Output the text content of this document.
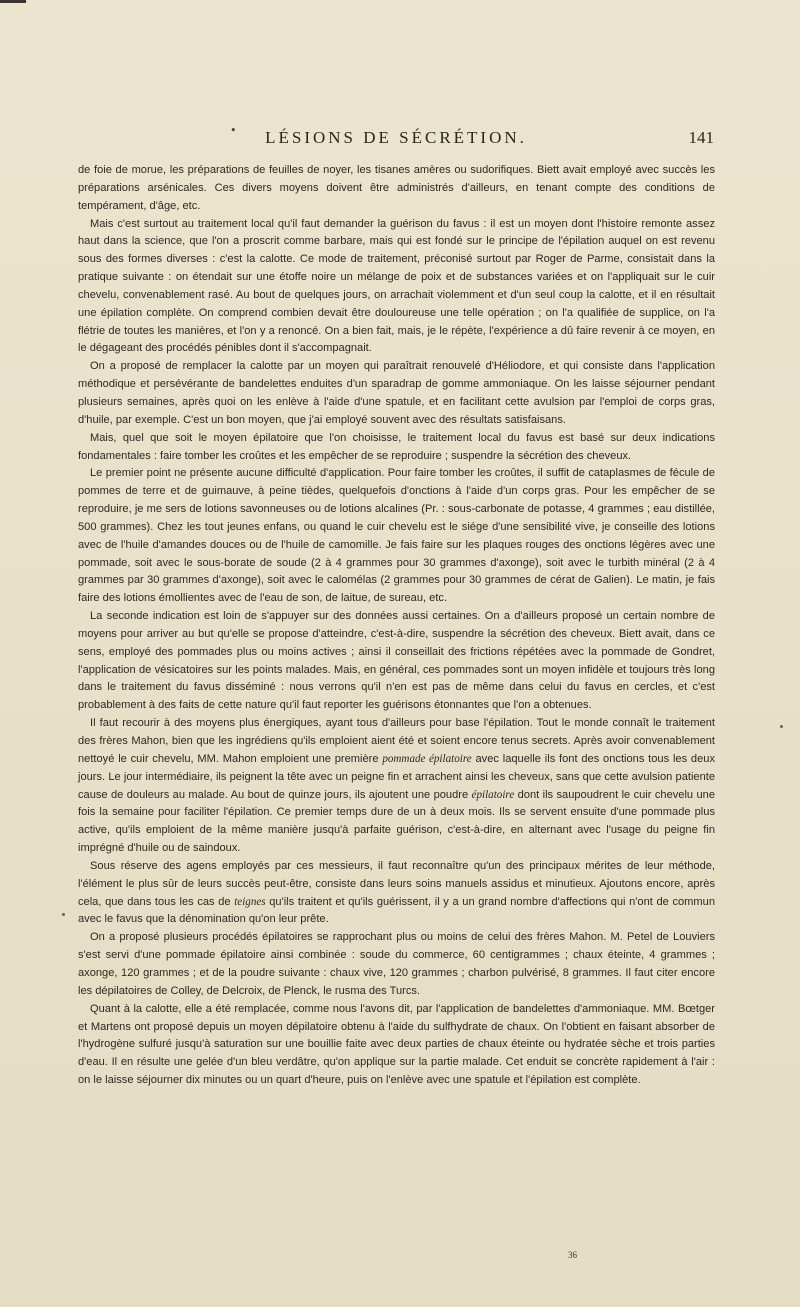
•	LÉSIONS DE SÉCRÉTION.	141

de foie de morue, les préparations de feuilles de noyer, les tisanes amères ou sudorifiques. Biett avait employé avec succès les préparations arsénicales. Ces divers moyens doivent être administrés d'ailleurs, en tenant compte des conditions de tempérament, d'âge, etc.

Mais c'est surtout au traitement local qu'il faut demander la guérison du favus : il est un moyen dont l'histoire remonte assez haut dans la science, que l'on a proscrit comme barbare, mais qui est fondé sur le principe de l'épilation auquel on est revenu sous des formes diverses : c'est la calotte. Ce mode de traitement, préconisé surtout par Roger de Parme, consistait dans la pratique suivante : on étendait sur une étoffe noire un mélange de poix et de substances variées et on l'appliquait sur le cuir chevelu, convenablement rasé. Au bout de quelques jours, on arrachait violemment et d'un seul coup la calotte, et il en résultait une épilation complète. On comprend combien devait être douloureuse une telle opération ; on l'a qualifiée de supplice, on l'a flétrie de toutes les manières, et l'on y a renoncé. On a bien fait, mais, je le répète, l'expérience a dû faire revenir à ce moyen, en le dégageant des procédés pénibles dont il s'accompagnait.

On a proposé de remplacer la calotte par un moyen qui paraîtrait renouvelé d'Héliodore, et qui consiste dans l'application méthodique et persévérante de bandelettes enduites d'un sparadrap de gomme ammoniaque. On les laisse séjourner pendant plusieurs semaines, après quoi on les enlève à l'aide d'une spatule, et en facilitant cette avulsion par l'emploi de corps gras, d'huile, par exemple. C'est un bon moyen, que j'ai employé souvent avec des résultats satisfaisans.

Mais, quel que soit le moyen épilatoire que l'on choisisse, le traitement local du favus est basé sur deux indications fondamentales : faire tomber les croûtes et les empêcher de se reproduire ; suspendre la sécrétion des cheveux.

Le premier point ne présente aucune difficulté d'application. Pour faire tomber les croûtes, il suffit de cataplasmes de fécule de pommes de terre et de guimauve, à peine tièdes, quelquefois d'onctions à l'aide d'un corps gras. Pour les empêcher de se reproduire, je me sers de lotions savonneuses ou de lotions alcalines (Pr. : sous-carbonate de potasse, 4 grammes ; eau distillée, 500 grammes). Chez les tout jeunes enfans, ou quand le cuir chevelu est le siége d'une sensibilité vive, je conseille des lotions avec de l'huile d'amandes douces ou de l'huile de camomille. Je fais faire sur les plaques rouges des onctions légères avec une pommade, soit avec le sous-borate de soude (2 à 4 grammes pour 30 grammes d'axonge), soit avec le turbith minéral (2 à 4 grammes par 30 grammes d'axonge), soit avec le calomélas (2 grammes pour 30 grammes de cérat de Galien). Le matin, je fais faire des lotions émollientes avec de l'eau de son, de laitue, de sureau, etc.

La seconde indication est loin de s'appuyer sur des données aussi certaines. On a d'ailleurs proposé un certain nombre de moyens pour arriver au but qu'elle se propose d'atteindre, c'est-à-dire, suspendre la sécrétion des cheveux. Biett avait, dans ce sens, employé des pommades plus ou moins actives ; ainsi il conseillait des frictions répétées avec la pommade de Gondret, l'application de vésicatoires sur les points malades. Mais, en général, ces pommades sont un moyen infidèle et toujours très long dans le traitement du favus disséminé : nous verrons qu'il n'en est pas de même dans celui du favus en cercles, et c'est probablement à des faits de cette nature qu'il faut reporter les guérisons étonnantes que l'on a obtenues.

Il faut recourir à des moyens plus énergiques, ayant tous d'ailleurs pour base l'épilation. Tout le monde connaît le traitement des frères Mahon, bien que les ingrédiens qu'ils emploient aient été et soient encore tenus secrets. Après avoir convenablement nettoyé le cuir chevelu, MM. Mahon emploient une première pommade épilatoire avec laquelle ils font des onctions tous les deux jours. Le jour intermédiaire, ils peignent la tête avec un peigne fin et arrachent ainsi les cheveux, sans que cette avulsion patiente cause de douleurs au malade. Au bout de quinze jours, ils ajoutent une poudre épilatoire dont ils saupoudrent le cuir chevelu une fois la semaine pour faciliter l'épilation. Ce premier temps dure de un à deux mois. Ils se servent ensuite d'une pommade plus active, qu'ils emploient de la même manière jusqu'à parfaite guérison, c'est-à-dire, en alternant avec l'usage du peigne fin imprégné d'huile ou de saindoux.

Sous réserve des agens employés par ces messieurs, il faut reconnaître qu'un des principaux mérites de leur méthode, l'élément le plus sûr de leurs succès peut-être, consiste dans leurs soins manuels assidus et minutieux. Ajoutons encore, après cela, que dans tous les cas de teignes qu'ils traitent et qu'ils guérissent, il y a un grand nombre d'affections qui n'ont de commun avec le favus que la dénomination qu'on leur prête.

On a proposé plusieurs procédés épilatoires se rapprochant plus ou moins de celui des frères Mahon. M. Petel de Louviers s'est servi d'une pommade épilatoire ainsi combinée : soude du commerce, 60 centigrammes ; chaux éteinte, 4 grammes ; axonge, 120 grammes ; et de la poudre suivante : chaux vive, 120 grammes ; charbon pulvérisé, 8 grammes. Il faut citer encore les dépilatoires de Colley, de Delcroix, de Plenck, le rusma des Turcs.

Quant à la calotte, elle a été remplacée, comme nous l'avons dit, par l'application de bandelettes d'ammoniaque. MM. Bœtger et Martens ont proposé depuis un moyen dépilatoire obtenu à l'aide du sulfhydrate de chaux. On l'obtient en faisant absorber de l'hydrogène sulfuré jusqu'à saturation sur une bouillie faite avec deux parties de chaux éteinte ou hydratée sèche et trois parties d'eau. Il en résulte une gelée d'un bleu verdâtre, qu'on applique sur la partie malade. Cet enduit se concrète rapidement à l'air : on le laisse séjourner dix minutes ou un quart d'heure, puis on l'enlève avec une spatule et l'épilation est complète.

36
